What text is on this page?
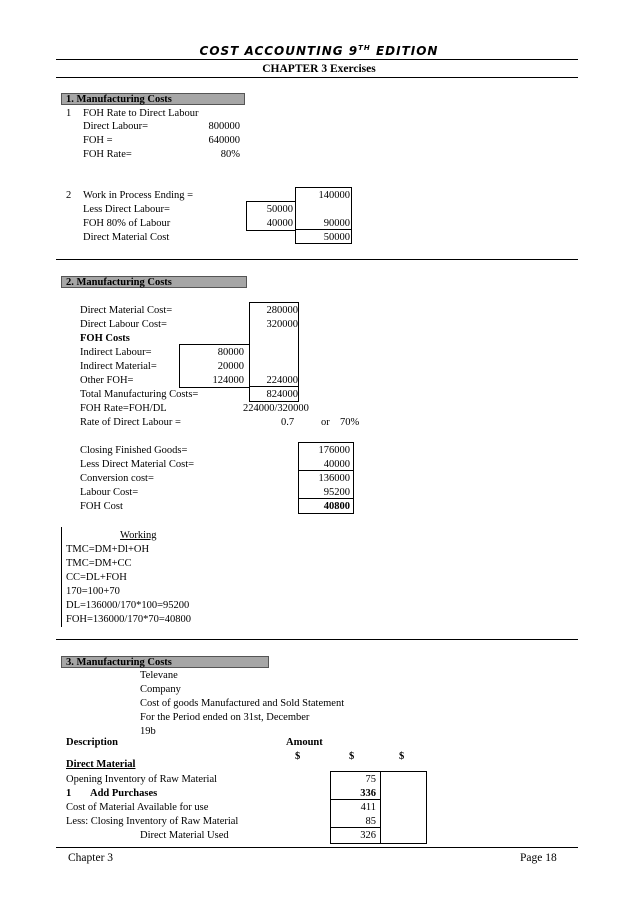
COST ACCOUNTING 9TH EDITION
CHAPTER 3 Exercises
1. Manufacturing Costs
1 FOH Rate to Direct Labour
Direct Labour=	800000
FOH =	640000
FOH Rate=	80%
2 Work in Process Ending =	140000
Less Direct Labour=	50000
FOH 80% of Labour	40000	90000
Direct Material Cost	50000
2. Manufacturing Costs
Direct Material Cost=	280000
Direct Labour Cost=	320000
FOH Costs
Indirect Labour=	80000
Indirect Material=	20000
Other FOH=	124000	224000
Total Manufacturing Costs=	824000
FOH Rate=FOH/DL	224000/320000
Rate of Direct Labour =	0.7	or 70%
Closing Finished Goods=	176000
Less Direct Material Cost=	40000
Conversion cost=	136000
Labour Cost=	95200
FOH Cost	40800
Working
TMC=DM+Dl+OH
TMC=DM+CC
CC=DL+FOH
170=100+70
DL=136000/170*100=95200
FOH=136000/170*70=40800
3. Manufacturing Costs
Televane
Company
Cost of goods Manufactured and Sold Statement
For the Period ended on 31st, December
19b
Description	Amount
$	$	$
Direct Material
Opening Inventory of Raw Material	75
1 Add Purchases	336
Cost of Material Available for use	411
Less: Closing Inventory of Raw Material	85
Direct Material Used	326
Chapter 3	Page 18
